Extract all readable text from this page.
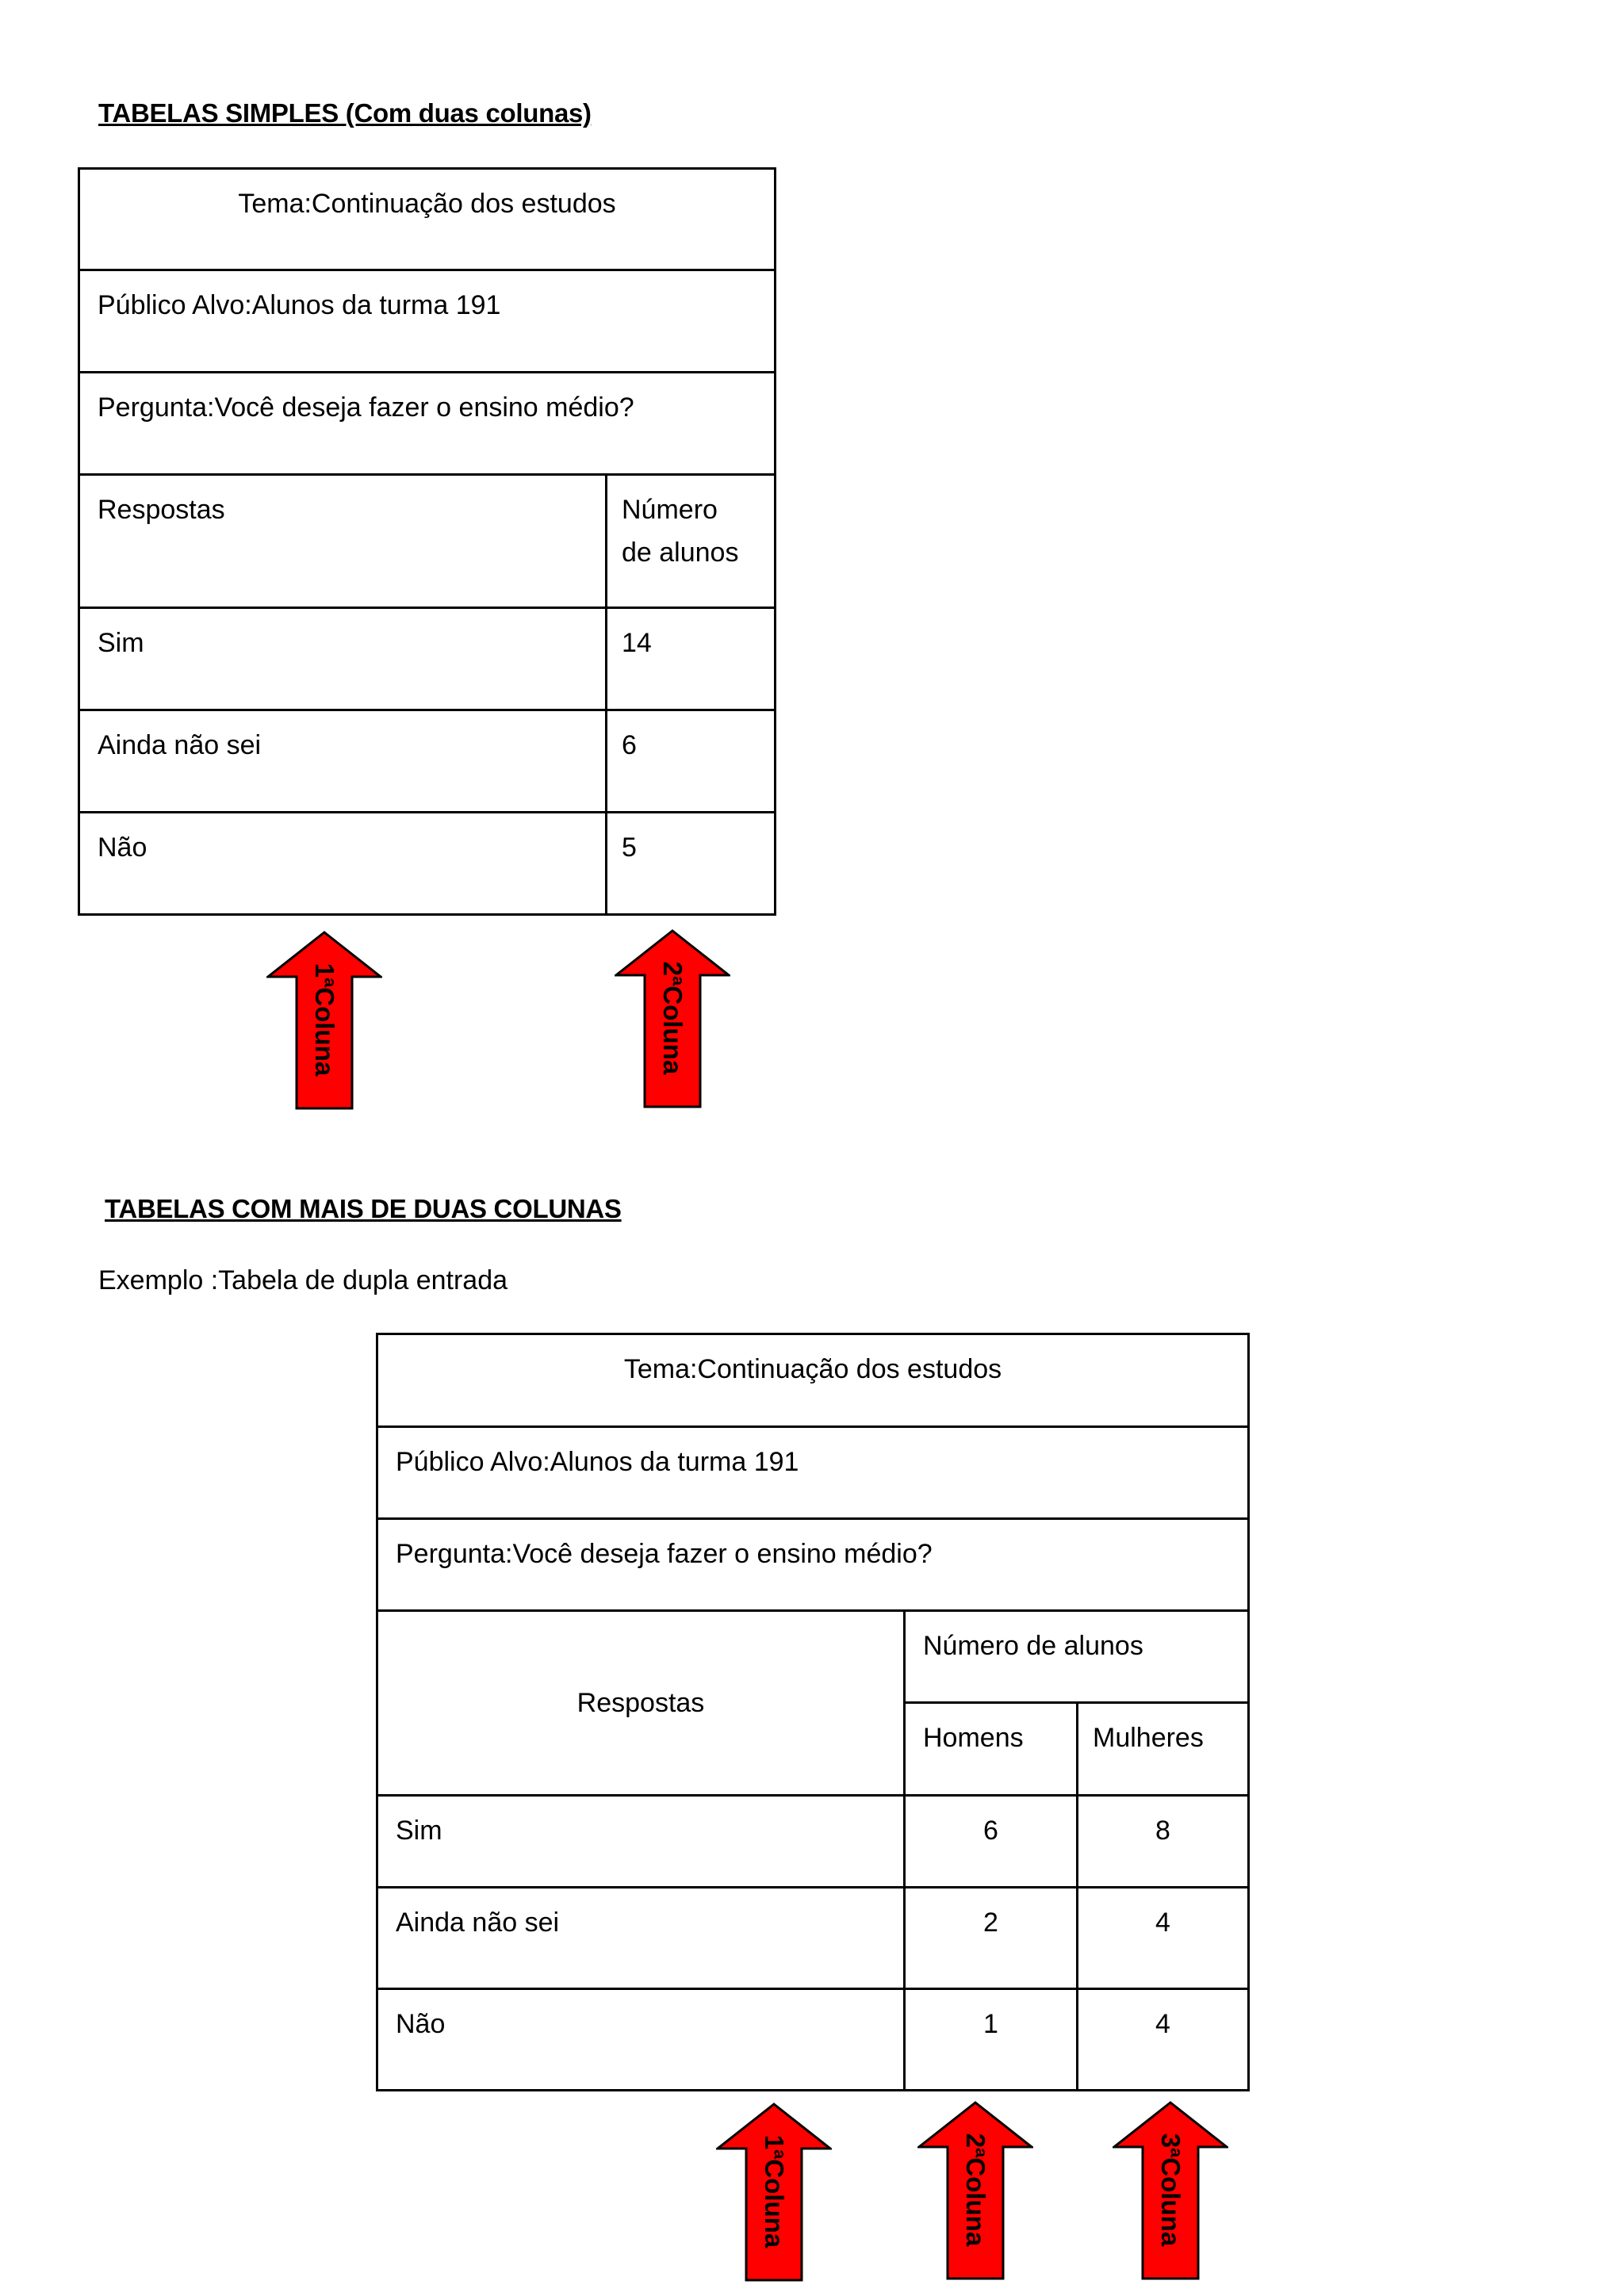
TABELAS SIMPLES (Com duas colunas)
Tema:Continuação dos estudos
Público Alvo:Alunos da turma 191
Pergunta:Você deseja fazer o ensino médio?
Respostas	Número
de alunos
Sim	14
Ainda não sei	6
Não	5
1ªColuna	2ªColuna
TABELAS COM MAIS DE DUAS COLUNAS
Exemplo :Tabela de dupla entrada
Tema:Continuação dos estudos
Público Alvo:Alunos da turma 191
Pergunta:Você deseja fazer o ensino médio?
Respostas
Número de alunos
Homens	Mulheres
Sim	6	8
Ainda não sei	2	4
Não	1	4
1ªColuna	2ªColuna	3ªColuna
